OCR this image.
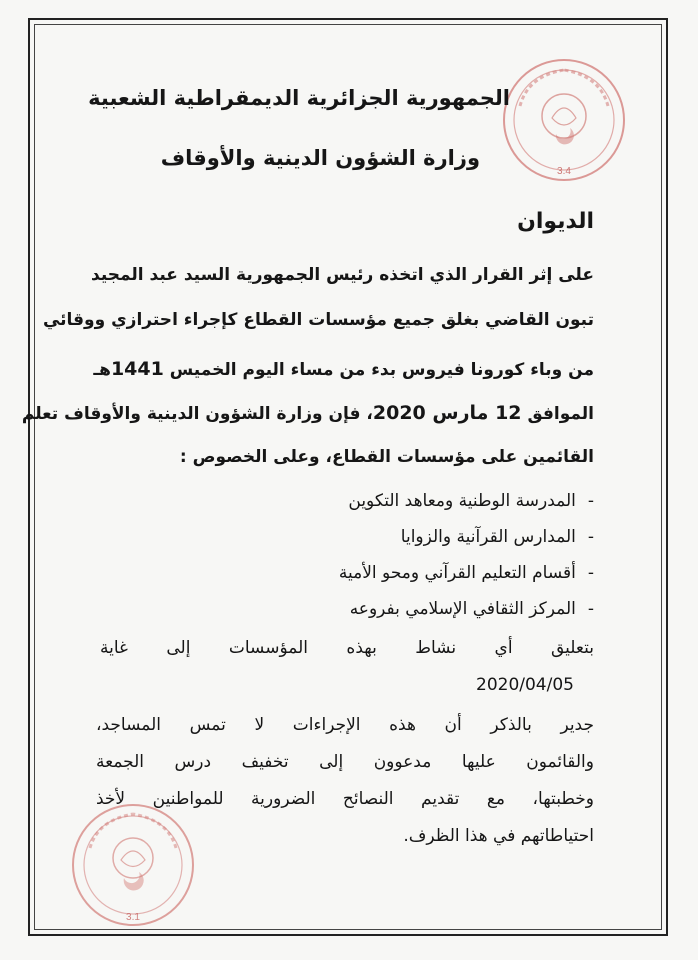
3.4
الجمهورية الجزائرية الديمقراطية الشعبية
وزارة الشؤون الدينية والأوقاف
الديوان
على إثر القرار الذي اتخذه رئيس الجمهورية السيد عبد المجيد
تبون القاضي بغلق جميع مؤسسات القطاع كإجراء احترازي ووقائي
من وباء كورونا فيروس بدء من مساء اليوم الخميس 1441هـ
الموافق 12 مارس 2020، فإن وزارة الشؤون الدينية والأوقاف تعلم
القائمين على مؤسسات القطاع، وعلى الخصوص :
-المدرسة الوطنية ومعاهد التكوين
-المدارس القرآنية والزوايا
-أقسام التعليم القرآني ومحو الأمية
-المركز الثقافي الإسلامي بفروعه
بتعليق أي نشاط بهذه المؤسسات إلى غاية
2020/04/05
جدير بالذكر أن هذه الإجراءات لا تمس المساجد،
والقائمون عليها مدعوون إلى تخفيف درس الجمعة
وخطبتها، مع تقديم النصائح الضرورية للمواطنين لأخذ
احتياطاتهم في هذا الظرف.
3.1
